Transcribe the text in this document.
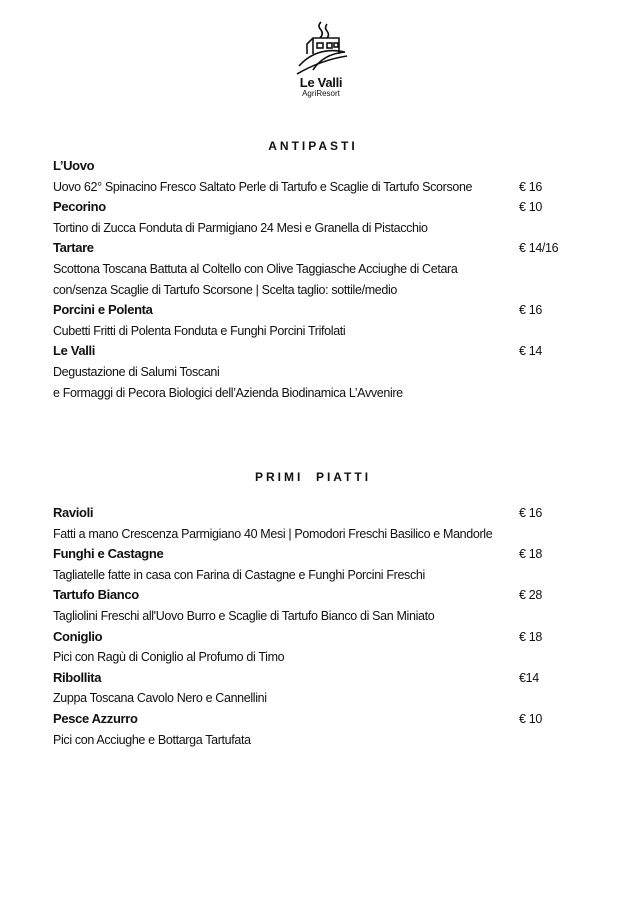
Le Valli
AgriResort
ANTIPASTI
L’Uovo
Uovo 62° Spinacino Fresco Saltato Perle di Tartufo e Scaglie di Tartufo Scorsone	€ 16
Pecorino	€ 10
Tortino di Zucca Fonduta di Parmigiano 24 Mesi e Granella di Pistacchio
Tartare	€ 14/16
Scottona Toscana Battuta al Coltello con Olive Taggiasche Acciughe di Cetara
con/senza Scaglie di Tartufo Scorsone | Scelta taglio: sottile/medio
Porcini e Polenta	€ 16
Cubetti Fritti di Polenta Fonduta e Funghi Porcini Trifolati
Le Valli	€ 14
Degustazione di Salumi Toscani
e Formaggi di Pecora Biologici dell’Azienda Biodinamica L’Avvenire
PRIMI  PIATTI
Ravioli	€ 16
Fatti a mano Crescenza Parmigiano 40 Mesi | Pomodori Freschi Basilico e Mandorle
Funghi e Castagne	€ 18
Tagliatelle fatte in casa con Farina di Castagne e Funghi Porcini Freschi
Tartufo Bianco	€ 28
Tagliolini Freschi all'Uovo Burro e Scaglie di Tartufo Bianco di San Miniato
Coniglio	€ 18
Pici con Ragù di Coniglio al Profumo di Timo
Ribollita	€14
Zuppa Toscana Cavolo Nero e Cannellini
Pesce Azzurro	€ 10
Pici con Acciughe e Bottarga Tartufata
